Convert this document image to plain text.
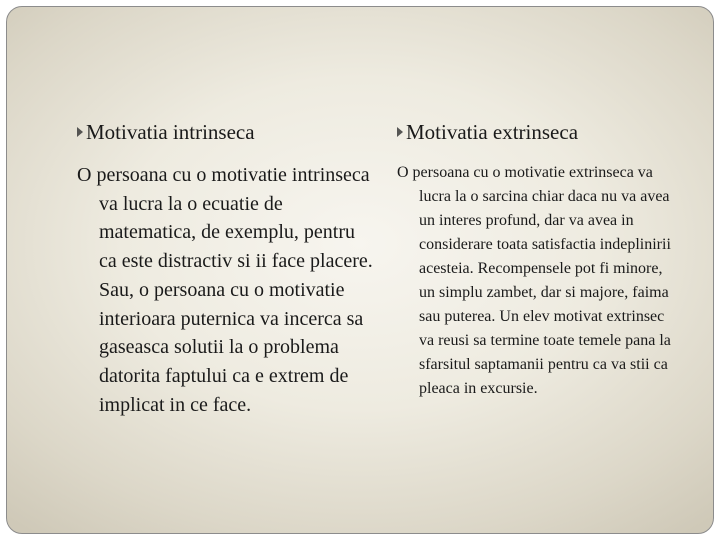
Motivatia intrinseca
O persoana cu o motivatie intrinseca va lucra la o ecuatie de matematica, de exemplu, pentru ca este distractiv si ii face placere. Sau, o persoana cu o motivatie interioara puternica va incerca sa gaseasca solutii la o problema datorita faptului ca e extrem de implicat in ce face.
Motivatia extrinseca
O persoana cu o motivatie extrinseca va lucra la o sarcina chiar daca nu va avea un interes profund, dar va avea in considerare toata satisfactia indeplinirii acesteia. Recompensele pot fi minore, un simplu zambet, dar si majore, faima sau puterea. Un elev motivat extrinsec va reusi sa termine toate temele pana la sfarsitul saptamanii pentru ca va stii ca pleaca in excursie.
